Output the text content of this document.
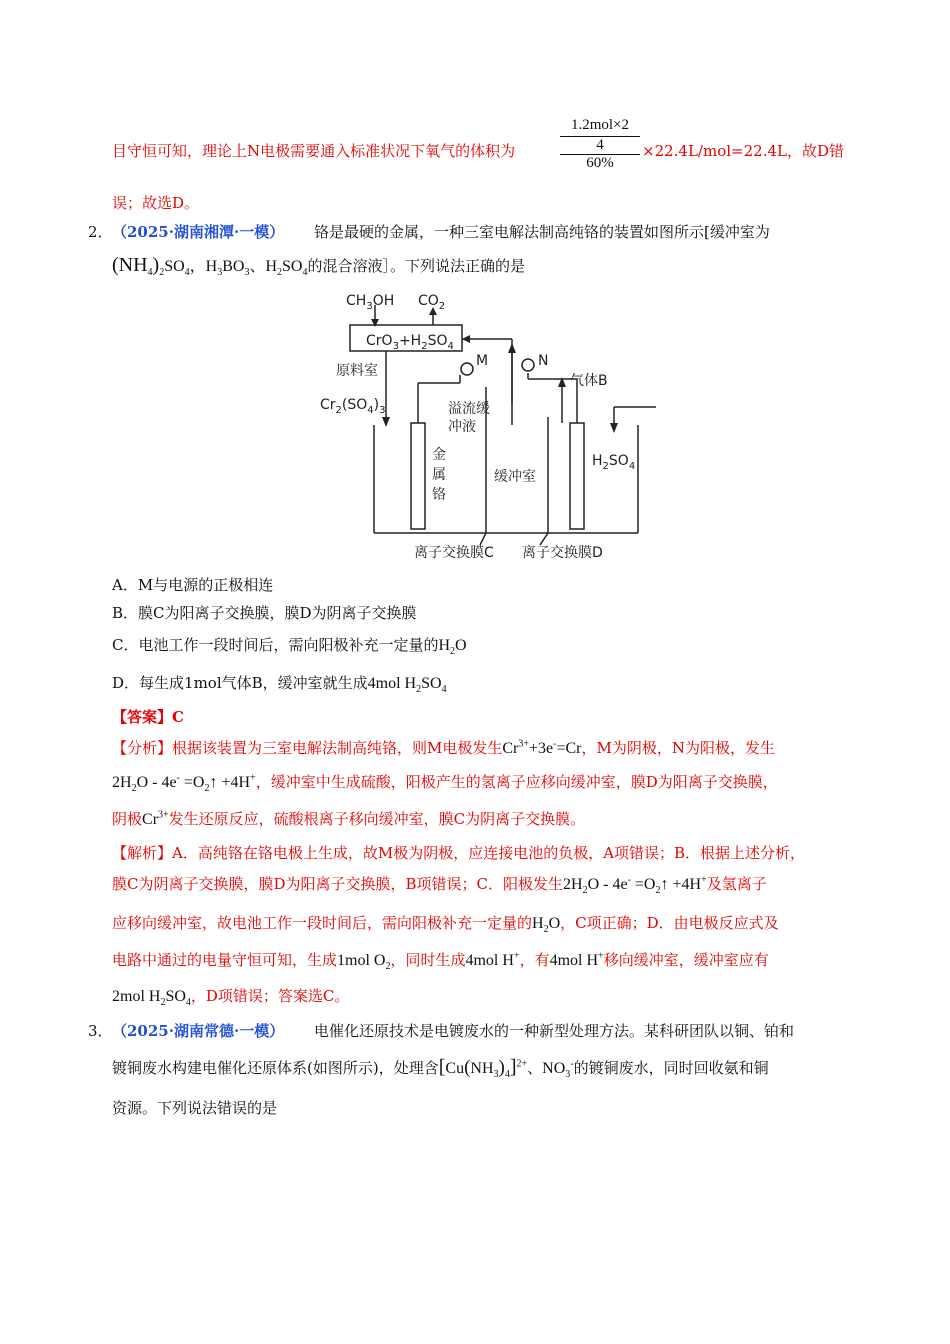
1.2mol×2
4
60%
目守恒可知，理论上N电极需要通入标准状况下氧气的体积为	×22.4L/mol=22.4L，故D错
误；故选D。
2． （2025·湖南湘潭·一模） 铬是最硬的金属，一种三室电解法制高纯铬的装置如图所示[缓冲室为
$(NH_4)_2SO_4$，$H_3BO_3$、$H_2SO_4$的混合溶液］。下列说法正确的是
$CH_3OH$ $CO_2$
$CrO_3+H_2SO_4$
原料室
$Cr_2(SO_4)_3$
M	N
气体B
溢流缓
冲液
金
属
铬
缓冲室
$H_2SO_4$
离子交换膜C 离子交换膜D
A．M与电源的正极相连
B．膜C为阳离子交换膜，膜D为阴离子交换膜
C．电池工作一段时间后，需向阳极补充一定量的$H_2O$
D．每生成1mol气体B，缓冲室就生成4mol $H_2SO_4$
【答案】C
【分析】根据该装置为三室电解法制高纯铬，则M电极发生$Cr^{3+}+3e^-=Cr$，M为阴极，N为阳极，发生
$2H_2O - 4e^-$ $=O_2↑ +4H^+$，缓冲室中生成硫酸，阳极产生的氢离子应移向缓冲室，膜D为阳离子交换膜，
阴极$Cr^{3+}$发生还原反应，硫酸根离子移向缓冲室，膜C为阴离子交换膜。
【解析】A．高纯铬在铬电极上生成，故M极为阴极，应连接电池的负极，A项错误；B．根据上述分析，
膜C为阴离子交换膜，膜D为阳离子交换膜，B项错误；C．阳极发生$2H_2O - 4e^-$ $=O_2↑ +4H^+$及氢离子
应移向缓冲室，故电池工作一段时间后，需向阳极补充一定量的$H_2O$，C项正确；D．由电极反应式及
电路中通过的电量守恒可知，生成1mol $O_2$，同时生成4mol H+，有4mol H+移向缓冲室，缓冲室应有
2mol $H_2SO_4$，D项错误；答案选C。
3． （2025·湖南常德·一模） 电催化还原技术是电镀废水的一种新型处理方法。某科研团队以铜、铂和
镀铜废水构建电催化还原体系(如图所示)，处理含$[Cu(NH_3)_4]^{2+}$、$NO_3^-$的镀铜废水，同时回收氨和铜
资源。下列说法错误的是
